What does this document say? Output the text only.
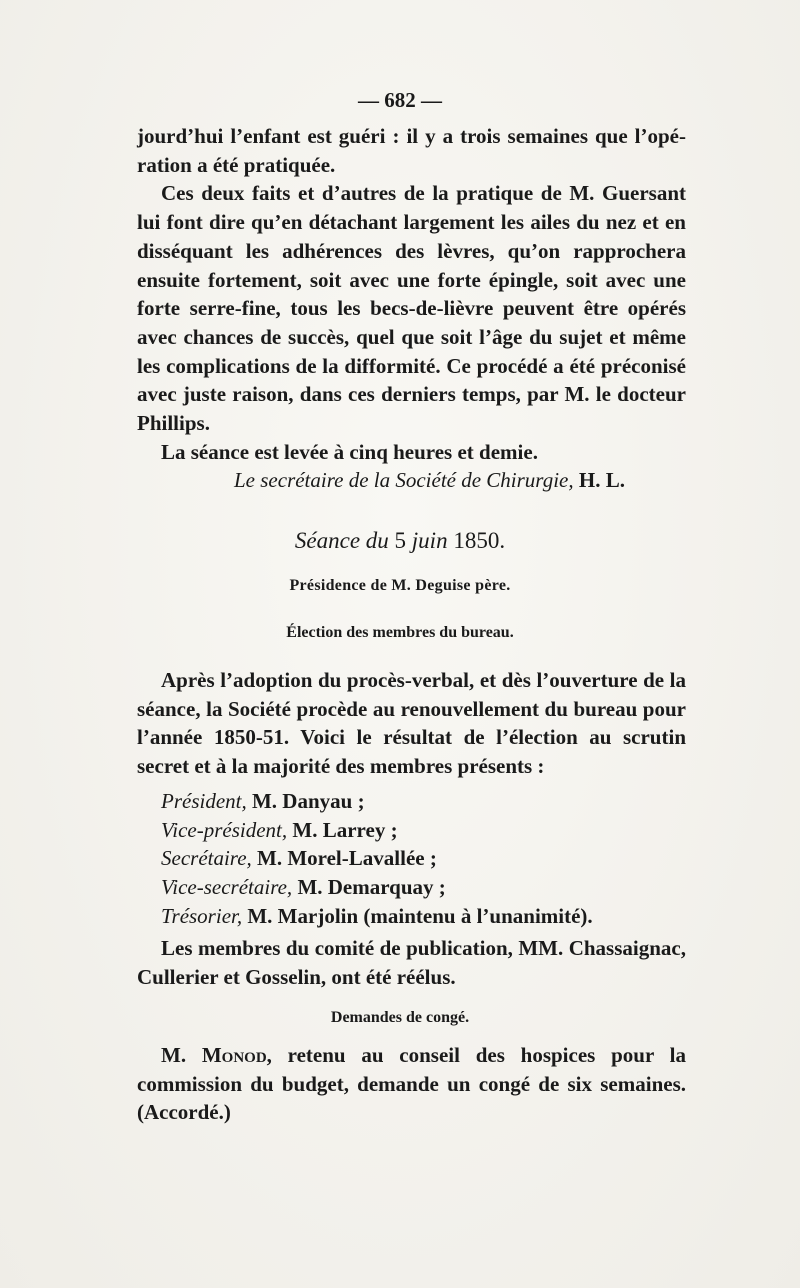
— 682 —

jourd’hui l’enfant est guéri : il y a trois semaines que l’opé-

ration a été pratiquée.

Ces deux faits et d’autres de la pratique de M. Guersant lui font dire qu’en détachant largement les ailes du nez et en disséquant les adhérences des lèvres, qu’on rapprochera ensuite fortement, soit avec une forte épingle, soit avec une forte serre-fine, tous les becs-de-lièvre peuvent être opérés avec chances de succès, quel que soit l’âge du sujet et même les complications de la difformité. Ce procédé a été préconisé avec juste raison, dans ces derniers temps, par M. le docteur Phillips.

La séance est levée à cinq heures et demie.

Le secrétaire de la Société de Chirurgie, H. L.

Séance du 5 juin 1850.
Présidence de M. Deguise père.
Élection des membres du bureau.

Après l’adoption du procès-verbal, et dès l’ouverture de la séance, la Société procède au renouvellement du bureau pour l’année 1850-51. Voici le résultat de l’élection au scrutin secret et à la majorité des membres présents :

Président, M. Danyau ;

Vice-président, M. Larrey ;

Secrétaire, M. Morel-Lavallée ;

Vice-secrétaire, M. Demarquay ;

Trésorier, M. Marjolin (maintenu à l’unanimité).

Les membres du comité de publication, MM. Chassaignac, Cullerier et Gosselin, ont été réélus.

Demandes de congé.

M. Monod, retenu au conseil des hospices pour la commission du budget, demande un congé de six semaines. (Accordé.)
